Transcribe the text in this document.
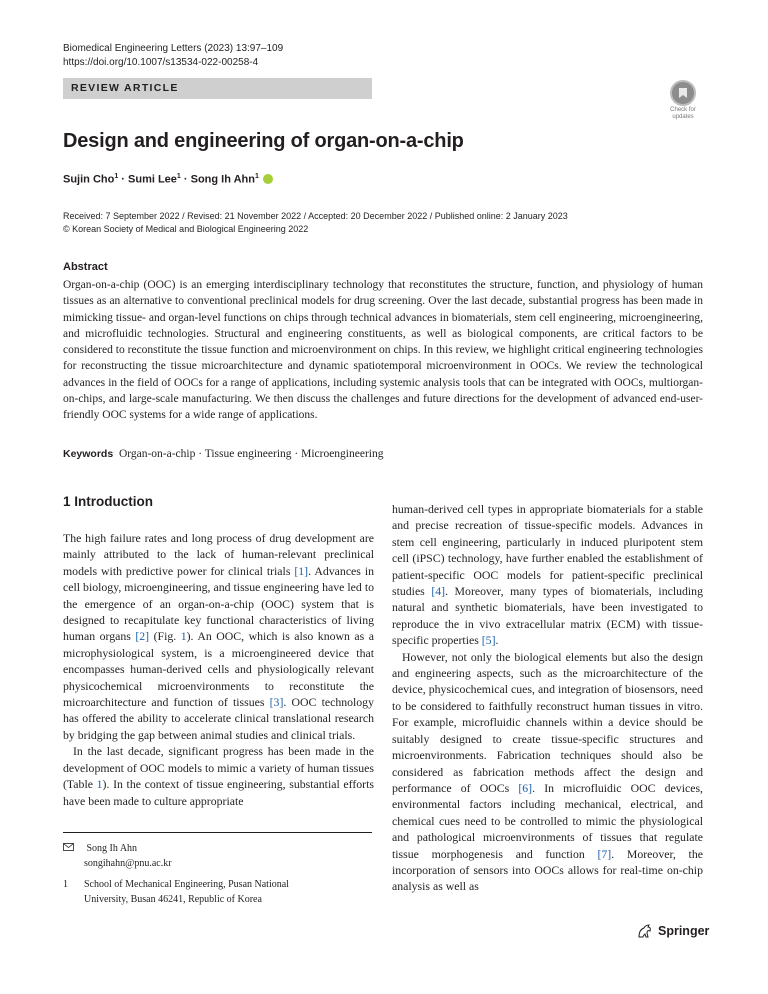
Biomedical Engineering Letters (2023) 13:97–109
https://doi.org/10.1007/s13534-022-00258-4
REVIEW ARTICLE
Check for
updates
Design and engineering of organ-on-a-chip
Sujin Cho$^1$ · Sumi Lee$^1$ · Song Ih Ahn$^1$
Received: 7 September 2022 / Revised: 21 November 2022 / Accepted: 20 December 2022 / Published online: 2 January 2023
© Korean Society of Medical and Biological Engineering 2022
Abstract
Organ-on-a-chip (OOC) is an emerging interdisciplinary technology that reconstitutes the structure, function, and physiology of human tissues as an alternative to conventional preclinical models for drug screening. Over the last decade, substantial progress has been made in mimicking tissue- and organ-level functions on chips through technical advances in biomaterials, stem cell engineering, microengineering, and microfluidic technologies. Structural and engineering constituents, as well as biological components, are critical factors to be considered to reconstitute the tissue function and microenvironment on chips. In this review, we highlight critical engineering technologies for reconstructing the tissue microarchitecture and dynamic spatiotemporal microenvironment in OOCs. We review the technological advances in the field of OOCs for a range of applications, including systemic analysis tools that can be integrated with OOCs, multiorgan-on-chips, and large-scale manufacturing. We then discuss the challenges and future directions for the development of advanced end-user-friendly OOC systems for a wide range of applications.
Keywords Organ-on-a-chip · Tissue engineering · Microengineering
1 Introduction

The high failure rates and long process of drug development are mainly attributed to the lack of human-relevant preclinical models with predictive power for clinical trials [1]. Advances in cell biology, microengineering, and tissue engineering have led to the emergence of an organ-on-a-chip (OOC) system that is designed to recapitulate key functional characteristics of living human organs [2] (Fig. 1). An OOC, which is also known as a microphysiological system, is a microengineered device that encompasses human-derived cells and physiologically relevant physicochemical microenvironments to reconstitute the microarchitecture and function of tissues [3]. OOC technology has offered the ability to accelerate clinical translational research by bridging the gap between animal studies and clinical trials.

In the last decade, significant progress has been made in the development of OOC models to mimic a variety of human tissues (Table 1). In the context of tissue engineering, substantial efforts have been made to culture appropriate

human-derived cell types in appropriate biomaterials for a stable and precise recreation of tissue-specific models. Advances in stem cell engineering, particularly in induced pluripotent stem cell (iPSC) technology, have further enabled the establishment of patient-specific OOC models for patient-specific preclinical studies [4]. Moreover, many types of biomaterials, including natural and synthetic biomaterials, have been investigated to reproduce the in vivo extracellular matrix (ECM) with tissue-specific properties [5].

However, not only the biological elements but also the design and engineering aspects, such as the microarchitecture of the device, physicochemical cues, and integration of biosensors, need to be considered to faithfully reconstruct human tissues in vitro. For example, microfluidic channels within a device should be suitably designed to create tissue-specific structures and microenvironments. Fabrication techniques should also be considered as fabrication methods affect the design and performance of OOCs [6]. In microfluidic OOC devices, environmental factors including mechanical, electrical, and chemical cues need to be controlled to mimic the physiological and pathological microenvironments of tissues that regulate tissue morphogenesis and function [7]. Moreover, the incorporation of sensors into OOCs allows for real-time on-chip analysis as well as

Song Ih Ahn
songihahn@pnu.ac.kr
1 School of Mechanical Engineering, Pusan National
University, Busan 46241, Republic of Korea
Springer
